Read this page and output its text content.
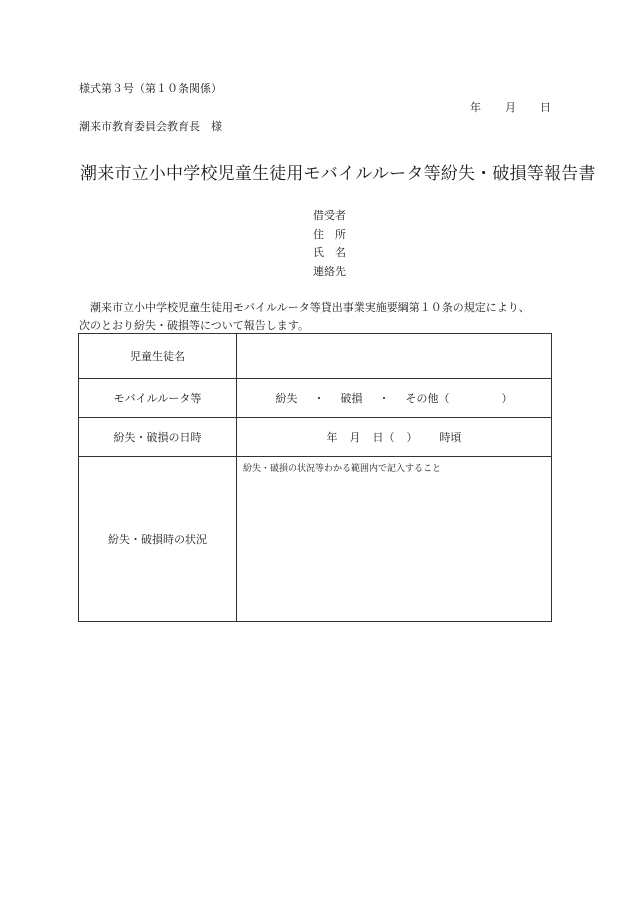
様式第３号（第１０条関係）
年 月 日
潮来市教育委員会教育長　様
潮来市立小中学校児童生徒用モバイルルータ等紛失・破損等報告書
借受者
住　所
氏　名
連絡先
潮来市立小中学校児童生徒用モバイルルータ等貸出事業実施要綱第１０条の規定により、
次のとおり紛失・破損等について報告します。
児童生徒名	
モバイルルータ等	紛失 ・ 破損 ・ その他（ ）
紛失・破損の日時	年 月 日（ ） 時頃
紛失・破損時の状況	紛失・破損の状況等わかる範囲内で記入すること
